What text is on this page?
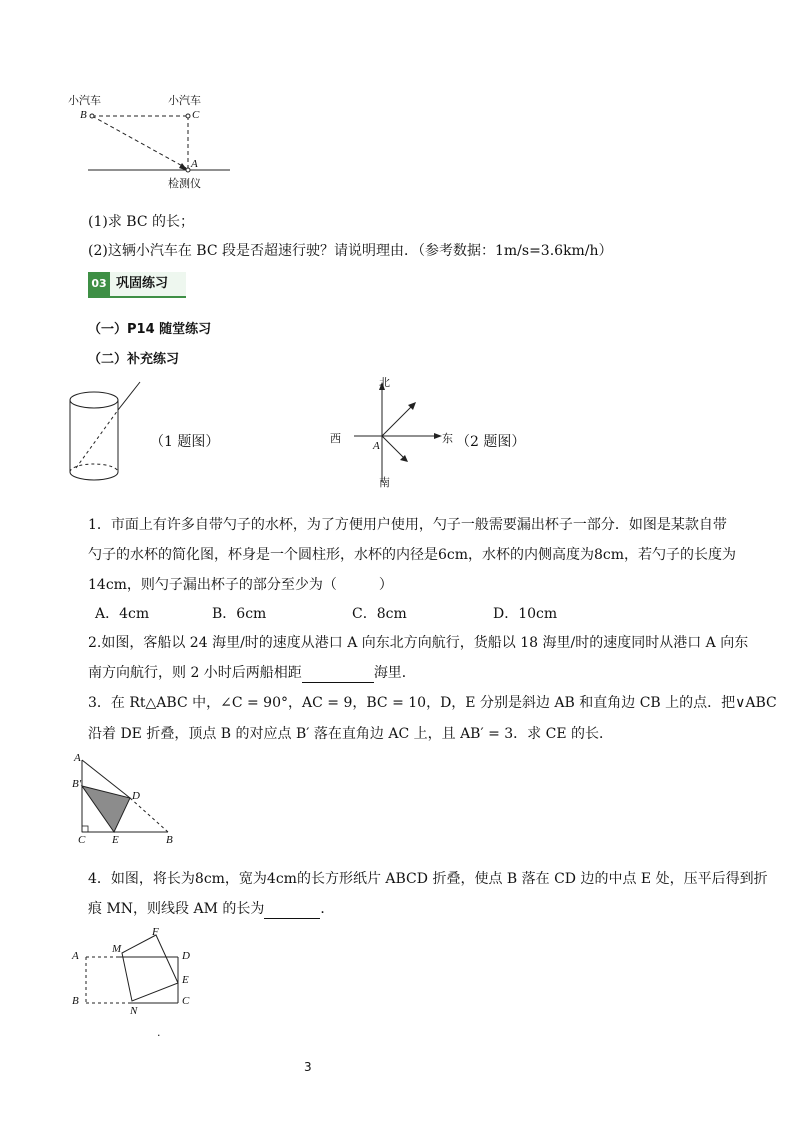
小汽车	小汽车
B	C
A
检测仪
(1)求 BC 的长；
(2)这辆小汽车在 BC 段是否超速行驶？请说明理由．（参考数据：1m/s=3.6km/h）
03 巩固练习
（一）P14 随堂练习
（二）补充练习
（1 题图）
北
南
西	东
A	（2 题图）
1．市面上有许多自带勺子的水杯，为了方便用户使用，勺子一般需要漏出杯子一部分．如图是某款自带
勺子的水杯的简化图，杯身是一个圆柱形，水杯的内径是6cm，水杯的内侧高度为8cm，若勺子的长度为
14cm，则勺子漏出杯子的部分至少为（　　　）
A．4cm	B．6cm	C．8cm	D．10cm
2.如图，客船以 24 海里/时的速度从港口 A 向东北方向航行，货船以 18 海里/时的速度同时从港口 A 向东
南方向航行，则 2 小时后两船相距	海里．
3．在 Rt△ABC 中，∠C = 90°，AC = 9，BC = 10，D，E 分别是斜边 AB 和直角边 CB 上的点．把∨ABC
沿着 DE 折叠，顶点 B 的对应点 B′ 落在直角边 AC 上，且 AB′ = 3．求 CE 的长．
A
B′
D
C E	B
4．如图，将长为8cm，宽为4cm的长方形纸片 ABCD 折叠，使点 B 落在 CD 边的中点 E 处，压平后得到折
痕 MN，则线段 AM 的长为	．
M
F
A	D
E
B	C
N
.
3
